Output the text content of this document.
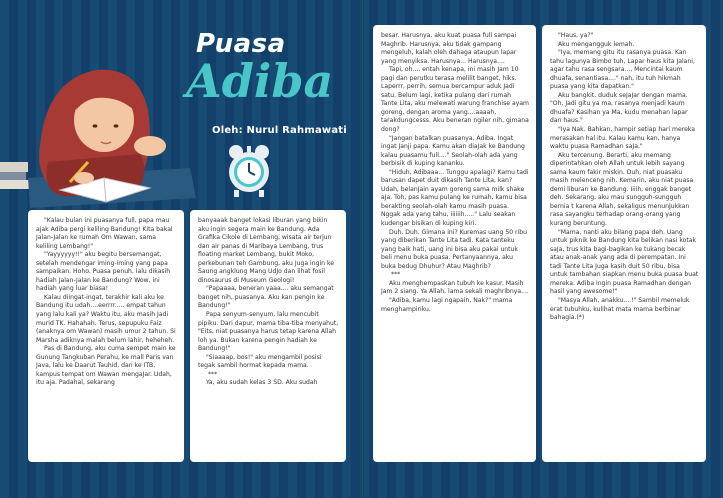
Puasa
Adiba
Oleh: Nurul Rahmawati

"Kalau bulan ini puasanya full, papa mau ajak Adiba pergi keliling Bandung! Kita bakal Jalan-Jalan ke rumah Om Wawan, sama keliling Lembang!"

"Yayyyyyy!!" aku begitu bersemangat, setelah mendengar iming-iming yang papa sampaikan. Hoho. Puasa penuh, lalu dikasih hadiah Jalan-Jalan ke Bandung? Wow, ini hadiah yang luar biasa!

Kalau diingat-ingat, terakhir kali aku ke Bandung itu udah....eerrrr..... empat tahun yang lalu kali ya? Waktu itu, aku masih Jadi murid TK. Hahahah. Terus, sepupuku Faiz (anaknya om Wawan) masih umur 2 tahun. Si Marsha adiknya malah belum lahir, heheheh.

Pas di Bandung, aku cuma sempet main ke Gunung Tangkuban Perahu, ke mall Paris van Java, lalu ke Daarut Tauhid, dan ke ITB, kampus tempat om Wawan mengaJar. Udah, itu aja. Padahal, sekarang

banyaaak banget lokasi liburan yang bikin aku ingin segera main ke Bandung. Ada Grafika Cikole di Lembang, wisata air terjun dan air panas di Maribaya Lembang, trus floating market Lembang, bukit Moko, perkebunan teh Gambung, aku Juga ingin ke Saung angklung Mang UdJo dan lihat fosil dinosaurus di Museum Geologi!

"Papaaaa, beneran yaaa.... aku semangat banget nih, puasanya. Aku kan pengin ke Bandung!"

Papa senyum-senyum, lalu mencubit pipiku. Dari dapur, mama tiba-tiba menyahut, "Eits, niat puasanya harus tetap karena Allah loh ya. Bukan karena pengin hadiah ke Bandung!"

"Siaaaap, bos!" aku mengambil posisi tegak sambil hormat kepada mama.

***

Ya, aku sudah kelas 3 SD. Aku sudah

besar. Harusnya, aku kuat puasa full sampai Maghrib. Harusnya, aku tidak gampang mengeluh, kalah oleh dahaga ataupun lapar yang menyiksa. Harusnya... Harusnya....

Tapi, oh.... entah kenapa, ini masih Jam 10 pagi dan perutku terasa melilit banget, hiks. Laperrr, perrih, semua bercampur aduk Jadi satu. Belum lagi, ketika pulang dari rumah Tante Lita, aku melewati warung franchise ayam goreng, dengan aroma yang....aaaah, tarakdungcesss. Aku beneran ngiler nih, gimana dong?

"Jangan batalkan puasanya, Adiba. Ingat ingat Janji papa. Kamu akan diaJak ke Bandung kalau puasamu full...." Seolah-olah ada yang berbisik di kuping kananku.

"Hiduh, Adibaaa... Tunggu apalagi? Kamu tadi barusan dapet duit dikasih Tante Lita, kan? Udah, belanJain ayam goreng sama milk shake aJa. Toh, pas kamu pulang ke rumah, kamu bisa berakting seolah-olah kamu masih puasa. Nggak ada yang tahu, iiiiiih....." Lalu seakan kudengar bisikan di kuping kiri.

Duh. Duh. Gimana ini? Kuremas uang 50 ribu yang diberikan Tante Lita tadi. Kata tanteku yang baik hati, uang ini bisa aku pakai untuk beli menu buka puasa. Pertanyaannya, aku buka bedug Dhuhur? Atau Maghrib?

***

Aku menghempaskan tubuh ke kasur. Masih Jam 2 siang. Ya Allah, lama sekali maghribnya....

"Adiba, kamu lagi ngapain, Nak?" mama menghampiriku.

"Haus, ya?"

Aku mengangguk lemah.

"Iya, memang gitu itu rasanya puasa. Kan tahu lagunya Bimbo tuh, Lapar haus kita Jalani, agar tahu rasa sengsara..., Mencintai kaum dhuafa, senantiasa...." nah, itu tuh hikmah puasa yang kita dapatkan."

Aku bangkit, duduk seJaJar dengan mama. "Oh, Jadi gitu ya ma, rasanya menjadi kaum dhuafa? Kasihan ya Ma, kudu menahan lapar dan haus."

"Iya Nak. Bahkan, hampir setiap hari mereka merasakan hal itu. Kalau kamu kan, hanya waktu puasa Ramadhan saJa."

Aku tercenung. Berarti, aku memang diperintahkan oleh Allah untuk lebih sayang sama kaum fakir miskin. Duh, niat puasaku masih melenceng nih. Kemarin, aku niat puasa demi liburan ke Bandung. Iiiih, enggak banget deh. Sekarang, aku mau sungguh-sungguh bernia t karena Allah, sekaligus menunJukkan rasa sayangku terhadap orang-orang yang kurang beruntung.

"Mama, nanti aku bilang papa deh. Uang untuk piknik ke Bandung kita belikan nasi kotak saJa, trus kita bagi-bagikan ke tukang becak atau anak-anak yang ada di perempatan. Ini tadi Tante Lita Juga kasih duit 50 ribu, bisa untuk tambahan siapkan menu buka puasa buat mereka. Adiba ingin puasa Ramadhan dengan hasil yang awesome!"

"Masya Allah, anakku....!" Sambil memeluk erat tubuhku, kulihat mata mama berbinar bahagia.(*)
